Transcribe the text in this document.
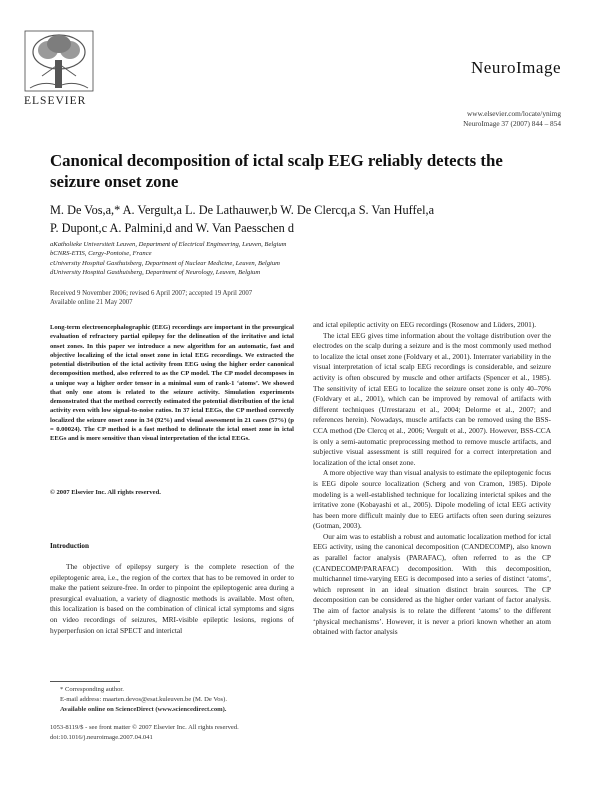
ELSEVIER
NeuroImage
www.elsevier.com/locate/ynimg
NeuroImage 37 (2007) 844 – 854
Canonical decomposition of ictal scalp EEG reliably detects the seizure onset zone
M. De Vos,a,* A. Vergult,a L. De Lathauwer,b W. De Clercq,a S. Van Huffel,a
P. Dupont,c A. Palmini,d and W. Van Paesschen d
aKatholieke Universiteit Leuven, Department of Electrical Engineering, Leuven, Belgium
bCNRS-ETIS, Cergy-Pontoise, France
cUniversity Hospital Gasthuisberg, Department of Nuclear Medicine, Leuven, Belgium
dUniversity Hospital Gasthuisberg, Department of Neurology, Leuven, Belgium
Received 9 November 2006; revised 6 April 2007; accepted 19 April 2007
Available online 21 May 2007
Long-term electroencephalographic (EEG) recordings are important in the presurgical evaluation of refractory partial epilepsy for the delineation of the irritative and ictal onset zones. In this paper we introduce a new algorithm for an automatic, fast and objective localizing of the ictal onset zone in ictal EEG recordings. We extracted the potential distribution of the ictal activity from EEG using the higher order canonical decomposition method, also referred to as the CP model. The CP model decomposes in a unique way a higher order tensor in a minimal sum of rank-1 ‘atoms’. We showed that only one atom is related to the seizure activity. Simulation experiments demonstrated that the method correctly estimated the potential distribution of the ictal activity even with low signal-to-noise ratios. In 37 ictal EEGs, the CP method correctly localized the seizure onset zone in 34 (92%) and visual assessment in 21 cases (57%) (p = 0.00024). The CP method is a fast method to delineate the ictal onset zone in ictal EEGs and is more sensitive than visual interpretation of the ictal EEGs.
© 2007 Elsevier Inc. All rights reserved.
Introduction
The objective of epilepsy surgery is the complete resection of the epileptogenic area, i.e., the region of the cortex that has to be removed in order to make the patient seizure-free. In order to pinpoint the epileptogenic area during a presurgical evaluation, a variety of diagnostic methods is available. Most often, this localization is based on the combination of clinical ictal symptoms and signs on video recordings of seizures, MRI-visible epileptic lesions, regions of hyperperfusion on ictal SPECT and interictal
* Corresponding author.
E-mail address: maarten.devos@esat.kuleuven.be (M. De Vos).
Available online on ScienceDirect (www.sciencedirect.com).
1053-8119/$ - see front matter © 2007 Elsevier Inc. All rights reserved.
doi:10.1016/j.neuroimage.2007.04.041

and ictal epileptic activity on EEG recordings (Rosenow and Lüders, 2001).

The ictal EEG gives time information about the voltage distribution over the electrodes on the scalp during a seizure and is the most commonly used method to localize the ictal onset zone (Foldvary et al., 2001). Interrater variability in the visual interpretation of ictal scalp EEG recordings is considerable, and seizure activity is often obscured by muscle and other artifacts (Spencer et al., 1985). The sensitivity of ictal EEG to localize the seizure onset zone is only 40–70% (Foldvary et al., 2001), which can be improved by removal of artifacts with different techniques (Urrestarazu et al., 2004; Delorme et al., 2007; and references herein). Nowadays, muscle artifacts can be removed using the BSS-CCA method (De Clercq et al., 2006; Vergult et al., 2007). However, BSS-CCA is only a semi-automatic preprocessing method to remove muscle artifacts, and subjective visual assessment is still required for a correct interpretation and localization of the ictal onset zone.

A more objective way than visual analysis to estimate the epileptogenic focus is EEG dipole source localization (Scherg and von Cramon, 1985). Dipole modeling is a well-established technique for localizing interictal spikes and the irritative zone (Kobayashi et al., 2005). Dipole modeling of ictal EEG activity has been more difficult mainly due to EEG artifacts often seen during seizures (Gotman, 2003).

Our aim was to establish a robust and automatic localization method for ictal EEG activity, using the canonical decomposition (CANDECOMP), also known as parallel factor analysis (PARAFAC), often referred to as the CP (CANDECOMP/PARAFAC) decomposition. With this decomposition, multichannel time-varying EEG is decomposed into a series of distinct ‘atoms’, which represent in an ideal situation distinct brain sources. The CP decomposition can be considered as the higher order variant of factor analysis. The aim of factor analysis is to relate the different ‘atoms’ to the different ‘physical mechanisms’. However, it is never a priori known whether an atom obtained with factor analysis
